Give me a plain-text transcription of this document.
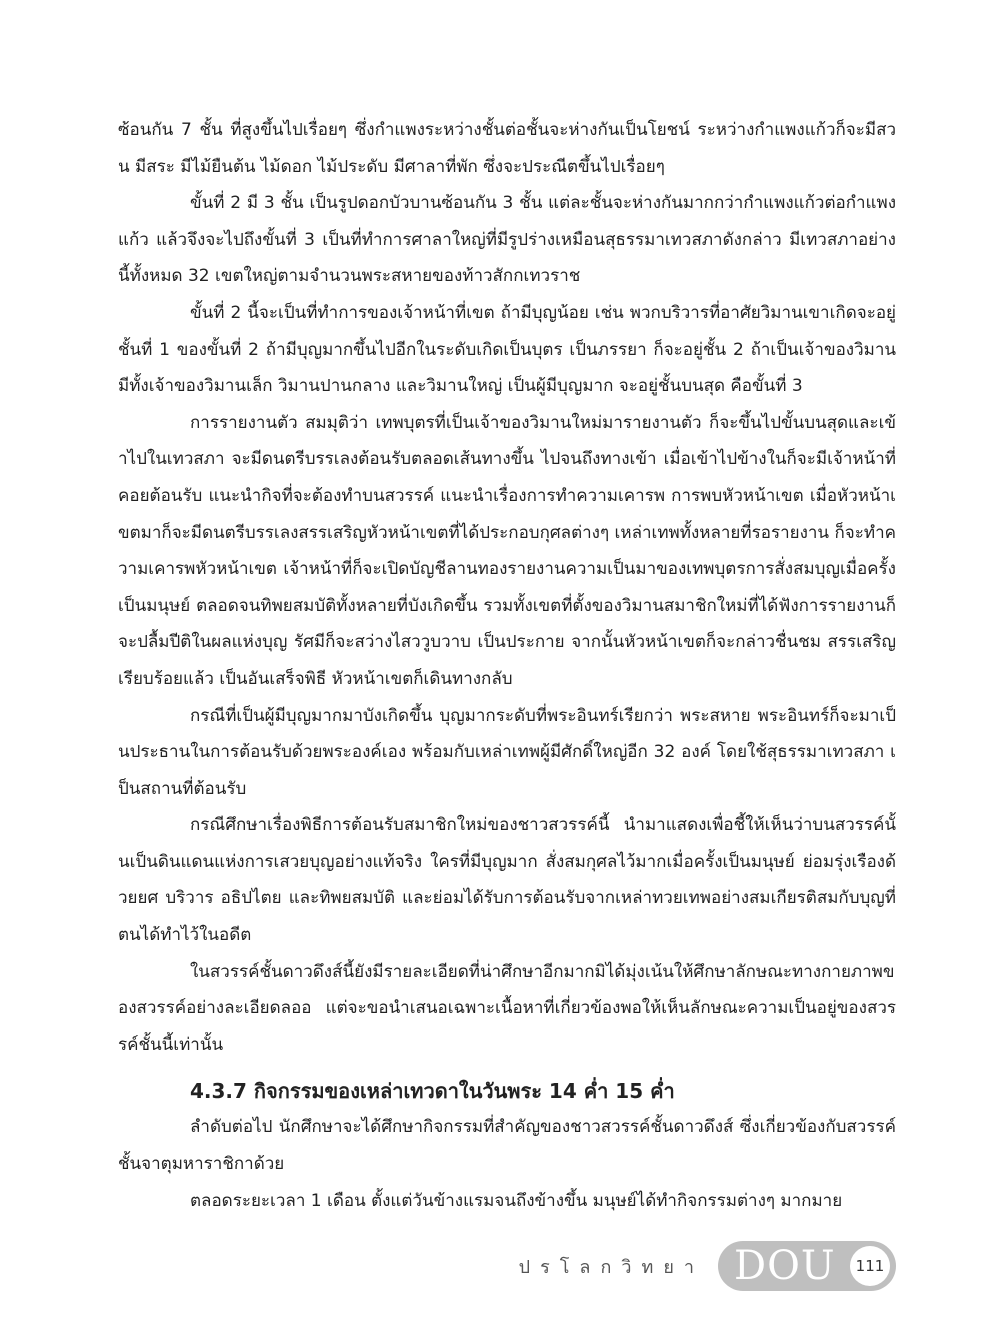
ซ้อนกัน 7 ชั้น ที่สูงขึ้นไปเรื่อยๆ ซึ่งกำแพงระหว่างชั้นต่อชั้นจะห่างกันเป็นโยชน์ ระหว่างกำแพงแก้วก็จะมีสวน มีสระ มีไม้ยืนต้น ไม้ดอก ไม้ประดับ มีศาลาที่พัก ซึ่งจะประณีตขึ้นไปเรื่อยๆ

ขั้นที่ 2 มี 3 ชั้น เป็นรูปดอกบัวบานซ้อนกัน 3 ชั้น แต่ละชั้นจะห่างกันมากกว่ากำแพงแก้วต่อกำแพงแก้ว แล้วจึงจะไปถึงขั้นที่ 3 เป็นที่ทำการศาลาใหญ่ที่มีรูปร่างเหมือนสุธรรมาเทวสภาดังกล่าว มีเทวสภาอย่างนี้ทั้งหมด 32 เขตใหญ่ตามจำนวนพระสหายของท้าวสักกเทวราช

ขั้นที่ 2 นี้จะเป็นที่ทำการของเจ้าหน้าที่เขต ถ้ามีบุญน้อย เช่น พวกบริวารที่อาศัยวิมานเขาเกิดจะอยู่ชั้นที่ 1 ของขั้นที่ 2 ถ้ามีบุญมากขึ้นไปอีกในระดับเกิดเป็นบุตร เป็นภรรยา ก็จะอยู่ชั้น 2 ถ้าเป็นเจ้าของวิมาน มีทั้งเจ้าของวิมานเล็ก วิมานปานกลาง และวิมานใหญ่ เป็นผู้มีบุญมาก จะอยู่ชั้นบนสุด คือขั้นที่ 3

การรายงานตัว สมมุติว่า เทพบุตรที่เป็นเจ้าของวิมานใหม่มารายงานตัว ก็จะขึ้นไปขั้นบนสุดและเข้าไปในเทวสภา จะมีดนตรีบรรเลงต้อนรับตลอดเส้นทางขึ้น ไปจนถึงทางเข้า เมื่อเข้าไปข้างในก็จะมีเจ้าหน้าที่คอยต้อนรับ แนะนำกิจที่จะต้องทำบนสวรรค์ แนะนำเรื่องการทำความเคารพ การพบหัวหน้าเขต เมื่อหัวหน้าเขตมาก็จะมีดนตรีบรรเลงสรรเสริญหัวหน้าเขตที่ได้ประกอบกุศลต่างๆ เหล่าเทพทั้งหลายที่รอรายงาน ก็จะทำความเคารพหัวหน้าเขต เจ้าหน้าที่ก็จะเปิดบัญชีลานทองรายงานความเป็นมาของเทพบุตรการสั่งสมบุญเมื่อครั้งเป็นมนุษย์ ตลอดจนทิพยสมบัติทั้งหลายที่บังเกิดขึ้น รวมทั้งเขตที่ตั้งของวิมานสมาชิกใหม่ที่ได้ฟังการรายงานก็จะปลื้มปีติในผลแห่งบุญ รัศมีก็จะสว่างไสววูบวาบ เป็นประกาย จากนั้นหัวหน้าเขตก็จะกล่าวชื่นชม สรรเสริญเรียบร้อยแล้ว เป็นอันเสร็จพิธี หัวหน้าเขตก็เดินทางกลับ

กรณีที่เป็นผู้มีบุญมากมาบังเกิดขึ้น บุญมากระดับที่พระอินทร์เรียกว่า พระสหาย พระอินทร์ก็จะมาเป็นประธานในการต้อนรับด้วยพระองค์เอง พร้อมกับเหล่าเทพผู้มีศักดิ์ใหญ่อีก 32 องค์ โดยใช้สุธรรมาเทวสภา เป็นสถานที่ต้อนรับ

กรณีศึกษาเรื่องพิธีการต้อนรับสมาชิกใหม่ของชาวสวรรค์นี้ นำมาแสดงเพื่อชี้ให้เห็นว่าบนสวรรค์นั้นเป็นดินแดนแห่งการเสวยบุญอย่างแท้จริง ใครที่มีบุญมาก สั่งสมกุศลไว้มากเมื่อครั้งเป็นมนุษย์ ย่อมรุ่งเรืองด้วยยศ บริวาร อธิปไตย และทิพยสมบัติ และย่อมได้รับการต้อนรับจากเหล่าทวยเทพอย่างสมเกียรติสมกับบุญที่ตนได้ทำไว้ในอดีต

ในสวรรค์ชั้นดาวดึงส์นี้ยังมีรายละเอียดที่น่าศึกษาอีกมากมิได้มุ่งเน้นให้ศึกษาลักษณะทางกายภาพของสวรรค์อย่างละเอียดลออ แต่จะขอนำเสนอเฉพาะเนื้อหาที่เกี่ยวข้องพอให้เห็นลักษณะความเป็นอยู่ของสวรรค์ชั้นนี้เท่านั้น

4.3.7 กิจกรรมของเหล่าเทวดาในวันพระ 14 ค่ำ 15 ค่ำ

ลำดับต่อไป นักศึกษาจะได้ศึกษากิจกรรมที่สำคัญของชาวสวรรค์ชั้นดาวดึงส์ ซึ่งเกี่ยวข้องกับสวรรค์ชั้นจาตุมหาราชิกาด้วย

ตลอดระยะเวลา 1 เดือน ตั้งแต่วันข้างแรมจนถึงข้างขึ้น มนุษย์ได้ทำกิจกรรมต่างๆ มากมาย

ปรโลกวิทยา DOU	111
